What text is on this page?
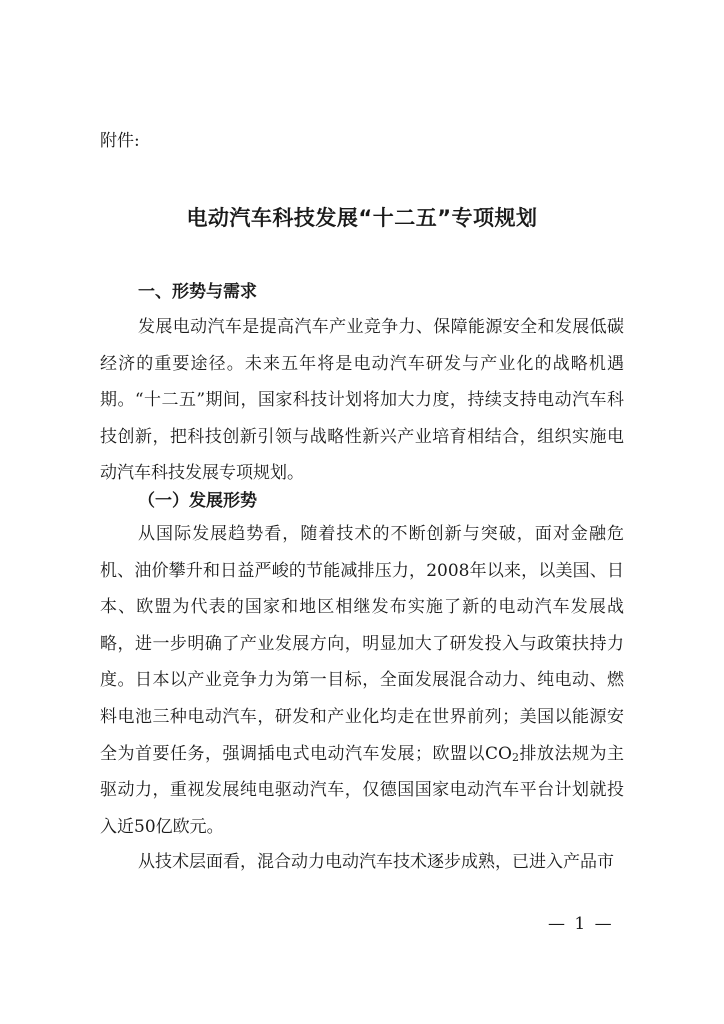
附件:
电动汽车科技发展“十二五”专项规划
一、形势与需求

发展电动汽车是提高汽车产业竞争力、保障能源安全和发展低碳经济的重要途径。未来五年将是电动汽车研发与产业化的战略机遇期。“十二五”期间，国家科技计划将加大力度，持续支持电动汽车科技创新，把科技创新引领与战略性新兴产业培育相结合，组织实施电动汽车科技发展专项规划。

（一）发展形势

从国际发展趋势看，随着技术的不断创新与突破，面对金融危机、油价攀升和日益严峻的节能减排压力，2008年以来，以美国、日本、欧盟为代表的国家和地区相继发布实施了新的电动汽车发展战略，进一步明确了产业发展方向，明显加大了研发投入与政策扶持力度。日本以产业竞争力为第一目标，全面发展混合动力、纯电动、燃料电池三种电动汽车，研发和产业化均走在世界前列；美国以能源安全为首要任务，强调插电式电动汽车发展；欧盟以$CO_2$排放法规为主驱动力，重视发展纯电驱动汽车，仅德国国家电动汽车平台计划就投入近50亿欧元。

从技术层面看，混合动力电动汽车技术逐步成熟，已进入产品市

— 1 —
